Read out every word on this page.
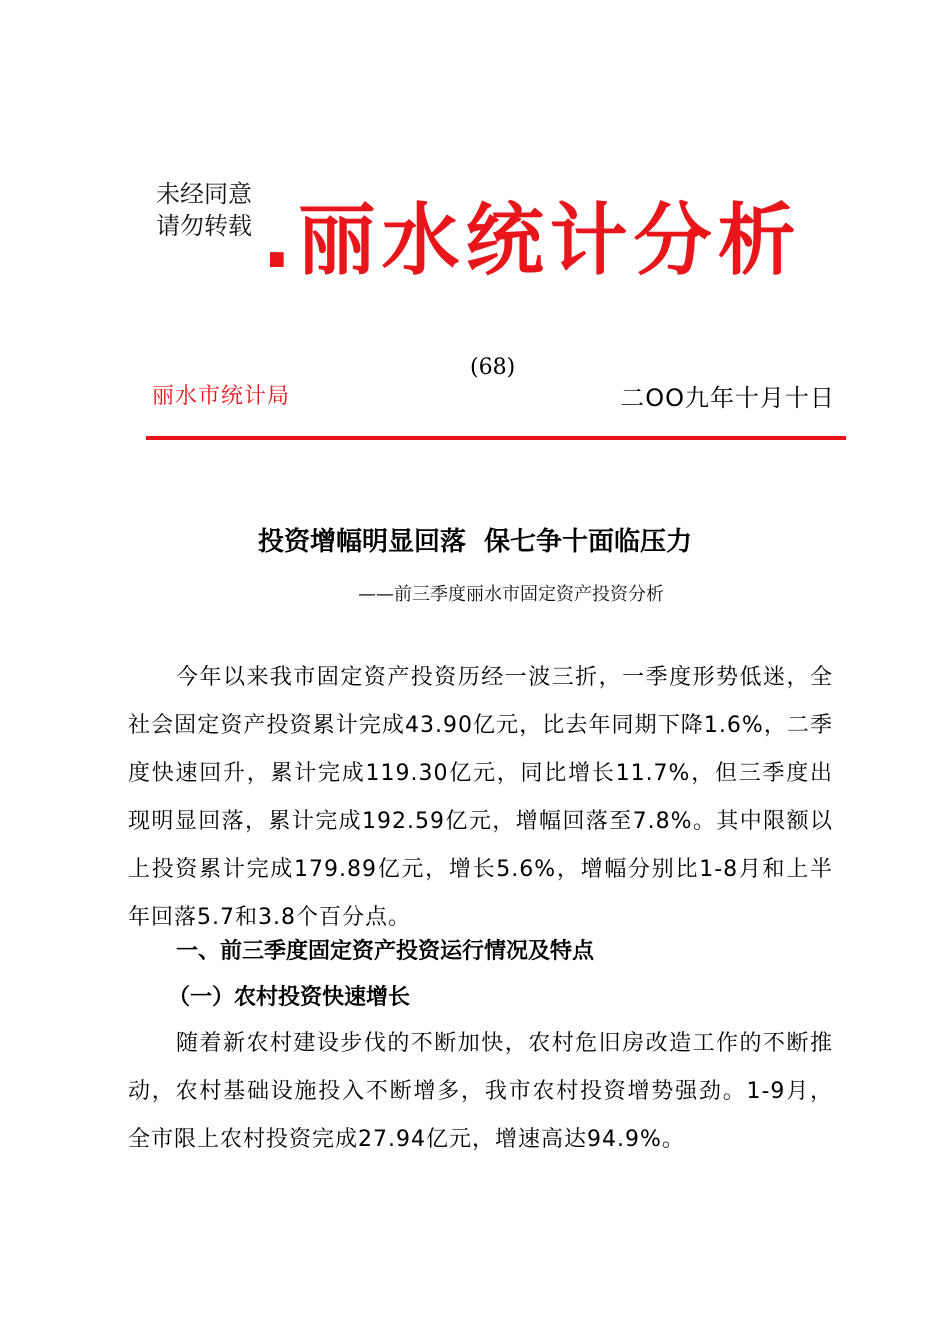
未经同意
请勿转载 .丽水统计分析
(68)
丽水市统计局	二OO九年十月十日
投资增幅明显回落  保七争十面临压力
——前三季度丽水市固定资产投资分析

今年以来我市固定资产投资历经一波三折，一季度形势低迷，全社会固定资产投资累计完成43.90亿元，比去年同期下降1.6%，二季度快速回升，累计完成119.30亿元，同比增长11.7%，但三季度出现明显回落，累计完成192.59亿元，增幅回落至7.8%。其中限额以上投资累计完成179.89亿元，增长5.6%，增幅分别比1-8月和上半年回落5.7和3.8个百分点。

一、前三季度固定资产投资运行情况及特点
（一）农村投资快速增长

随着新农村建设步伐的不断加快，农村危旧房改造工作的不断推动，农村基础设施投入不断增多，我市农村投资增势强劲。1-9月，全市限上农村投资完成27.94亿元，增速高达94.9%。
